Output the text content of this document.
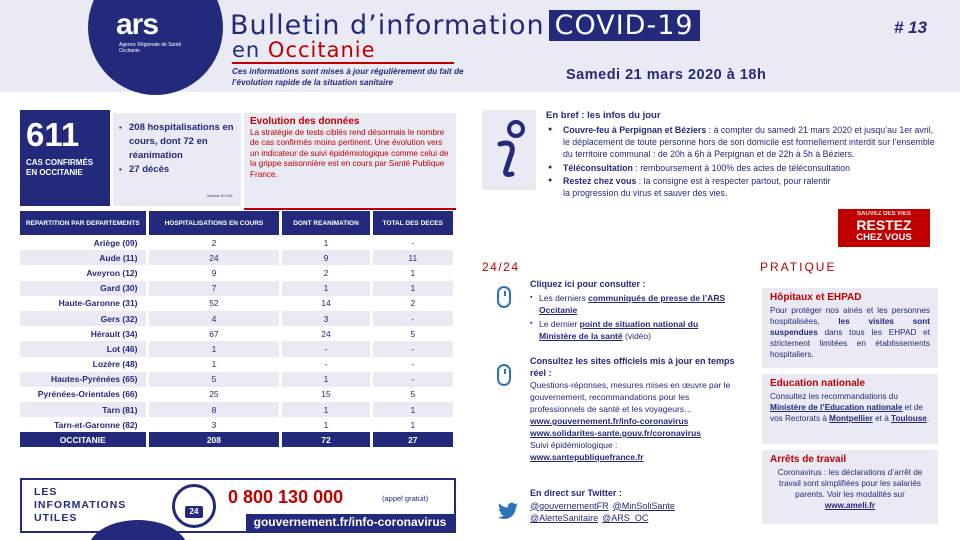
ars
Agence Régionale de Santé Occitanie
Bulletin d’information COVID-19
en Occitanie
Ces informations sont mises à jour régulièrement du fait de l’évolution rapide de la situation sanitaire	Samedi 21 mars 2020 à 18h
# 13
611
CAS CONFIRMÉS EN OCCITANIE
▪ 208 hospitalisations en cours, dont 72 en réanimation
▪ 27 décès
Source SI-VIC
Evolution des données
La stratégie de tests ciblés rend désormais le nombre de cas confirmés moins pertinent. Une évolution vers un indicateur de suivi épidémiologique comme celui de la grippe saisonnière est en cours par Santé Publique France.
REPARTITION PAR DEPARTEMENTS	HOSPITALISATIONS EN COURS	DONT REANIMATION	TOTAL DES DECES
Ariège (09)	2	1	-
Aude (11)	24	9	11
Aveyron (12)	9	2	1
Gard (30)	7	1	1
Haute-Garonne (31)	52	14	2
Gers (32)	4	3	-
Hérault (34)	67	24	5
Lot (46)	1	-	-
Lozère (48)	1	-	-
Hautes-Pyrénées (65)	5	1	-
Pyrénées-Orientales (66)	25	15	5
Tarn (81)	8	1	1
Tarn-et-Garonne (82)	3	1	1
OCCITANIE	208	72	27
LES
INFORMATIONS
UTILES
24
0 800 130 000	(appel gratuit)
gouvernement.fr/info-coronavirus
En bref : les infos du jour
● Couvre-feu à Perpignan et Béziers : à compter du samedi 21 mars 2020 et jusqu’au 1er avril, le déplacement de toute personne hors de son domicile est formellement interdit sur l’ensemble du territoire communal : de 20h à 6h à Perpignan et de 22h à 5h à Béziers.
● Téléconsultation : remboursement à 100% des actes de téléconsultation
● Restez chez vous : la consigne est à respecter partout, pour ralentir la progression du virus et sauver des vies.
SAUVEZ DES VIES
RESTEZ
CHEZ VOUS
24/24
Cliquez ici pour consulter :
▪ Les derniers communiqués de presse de l’ARS Occitanie
▪ Le dernier point de situation national du Ministère de la santé (vidéo)
Consultez les sites officiels mis à jour en temps réel :
Questions-réponses, mesures mises en œuvre par le gouvernement, recommandations pour les professionnels de santé et les voyageurs…
www.gouvernement.fr/info-coronavirus
www.solidarites-sante.gouv.fr/coronavirus
Suivi épidémiologique :
www.santepubliquefrance.fr
En direct sur Twitter :
@gouvernementFR @MinSoliSante
@AlerteSanitaire @ARS_OC
PRATIQUE
Hôpitaux et EHPAD
Pour protéger nos ainés et les personnes hospitalisées, les visites sont suspendues dans tous les EHPAD et strictement limitées en établissements hospitaliers.
Education nationale
Consultez les recommandations du Ministère de l’Education nationale et de vos Rectorats à Montpellier et à Toulouse.
Arrêts de travail
Coronavirus : les déclarations d’arrêt de travail sont simplifiées pour les salariés parents. Voir les modalités sur www.ameli.fr
